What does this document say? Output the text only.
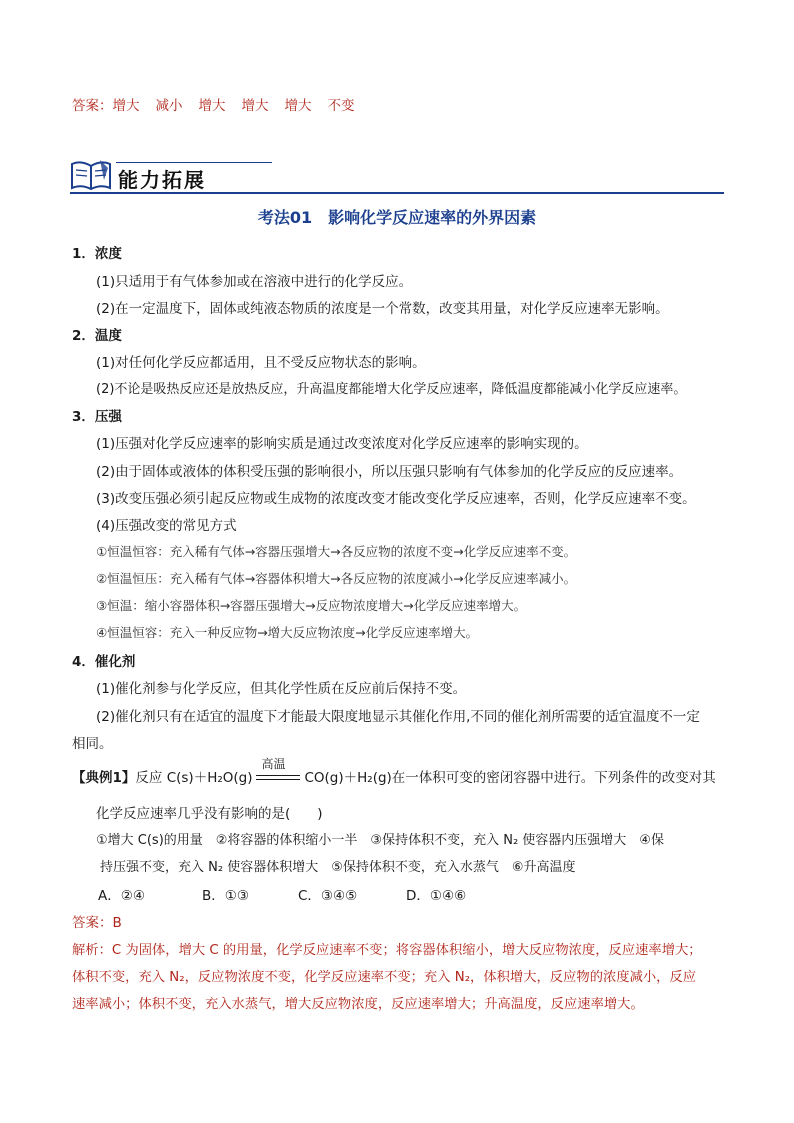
答案：增大 减小 增大 增大 增大 不变
能力拓展
考法01　影响化学反应速率的外界因素
1．浓度
(1)只适用于有气体参加或在溶液中进行的化学反应。
(2)在一定温度下，固体或纯液态物质的浓度是一个常数，改变其用量，对化学反应速率无影响。
2．温度
(1)对任何化学反应都适用，且不受反应物状态的影响。
(2)不论是吸热反应还是放热反应，升高温度都能增大化学反应速率，降低温度都能减小化学反应速率。
3．压强
(1)压强对化学反应速率的影响实质是通过改变浓度对化学反应速率的影响实现的。
(2)由于固体或液体的体积受压强的影响很小，所以压强只影响有气体参加的化学反应的反应速率。
(3)改变压强必须引起反应物或生成物的浓度改变才能改变化学反应速率，否则，化学反应速率不变。
(4)压强改变的常见方式
①恒温恒容：充入稀有气体→容器压强增大→各反应物的浓度不变→化学反应速率不变。
②恒温恒压：充入稀有气体→容器体积增大→各反应物的浓度减小→化学反应速率减小。
③恒温：缩小容器体积→容器压强增大→反应物浓度增大→化学反应速率增大。
④恒温恒容：充入一种反应物→增大反应物浓度→化学反应速率增大。
4．催化剂
(1)催化剂参与化学反应，但其化学性质在反应前后保持不变。
(2)催化剂只有在适宜的温度下才能最大限度地显示其催化作用,不同的催化剂所需要的适宜温度不一定
相同。
【典例1】反应 C(s)＋H₂O(g)
高温
CO(g)＋H₂(g)在一体积可变的密闭容器中进行。下列条件的改变对其
化学反应速率几乎没有影响的是(　　)
①增大 C(s)的用量　②将容器的体积缩小一半　③保持体积不变，充入 N₂ 使容器内压强增大　④保
持压强不变，充入 N₂ 使容器体积增大　⑤保持体积不变，充入水蒸气　⑥升高温度
A．②④	B．①③	C．③④⑤	D．①④⑥
答案：B
解析：C 为固体，增大 C 的用量，化学反应速率不变；将容器体积缩小，增大反应物浓度，反应速率增大；
体积不变，充入 N₂，反应物浓度不变，化学反应速率不变；充入 N₂，体积增大，反应物的浓度减小，反应
速率减小；体积不变，充入水蒸气，增大反应物浓度，反应速率增大；升高温度，反应速率增大。
